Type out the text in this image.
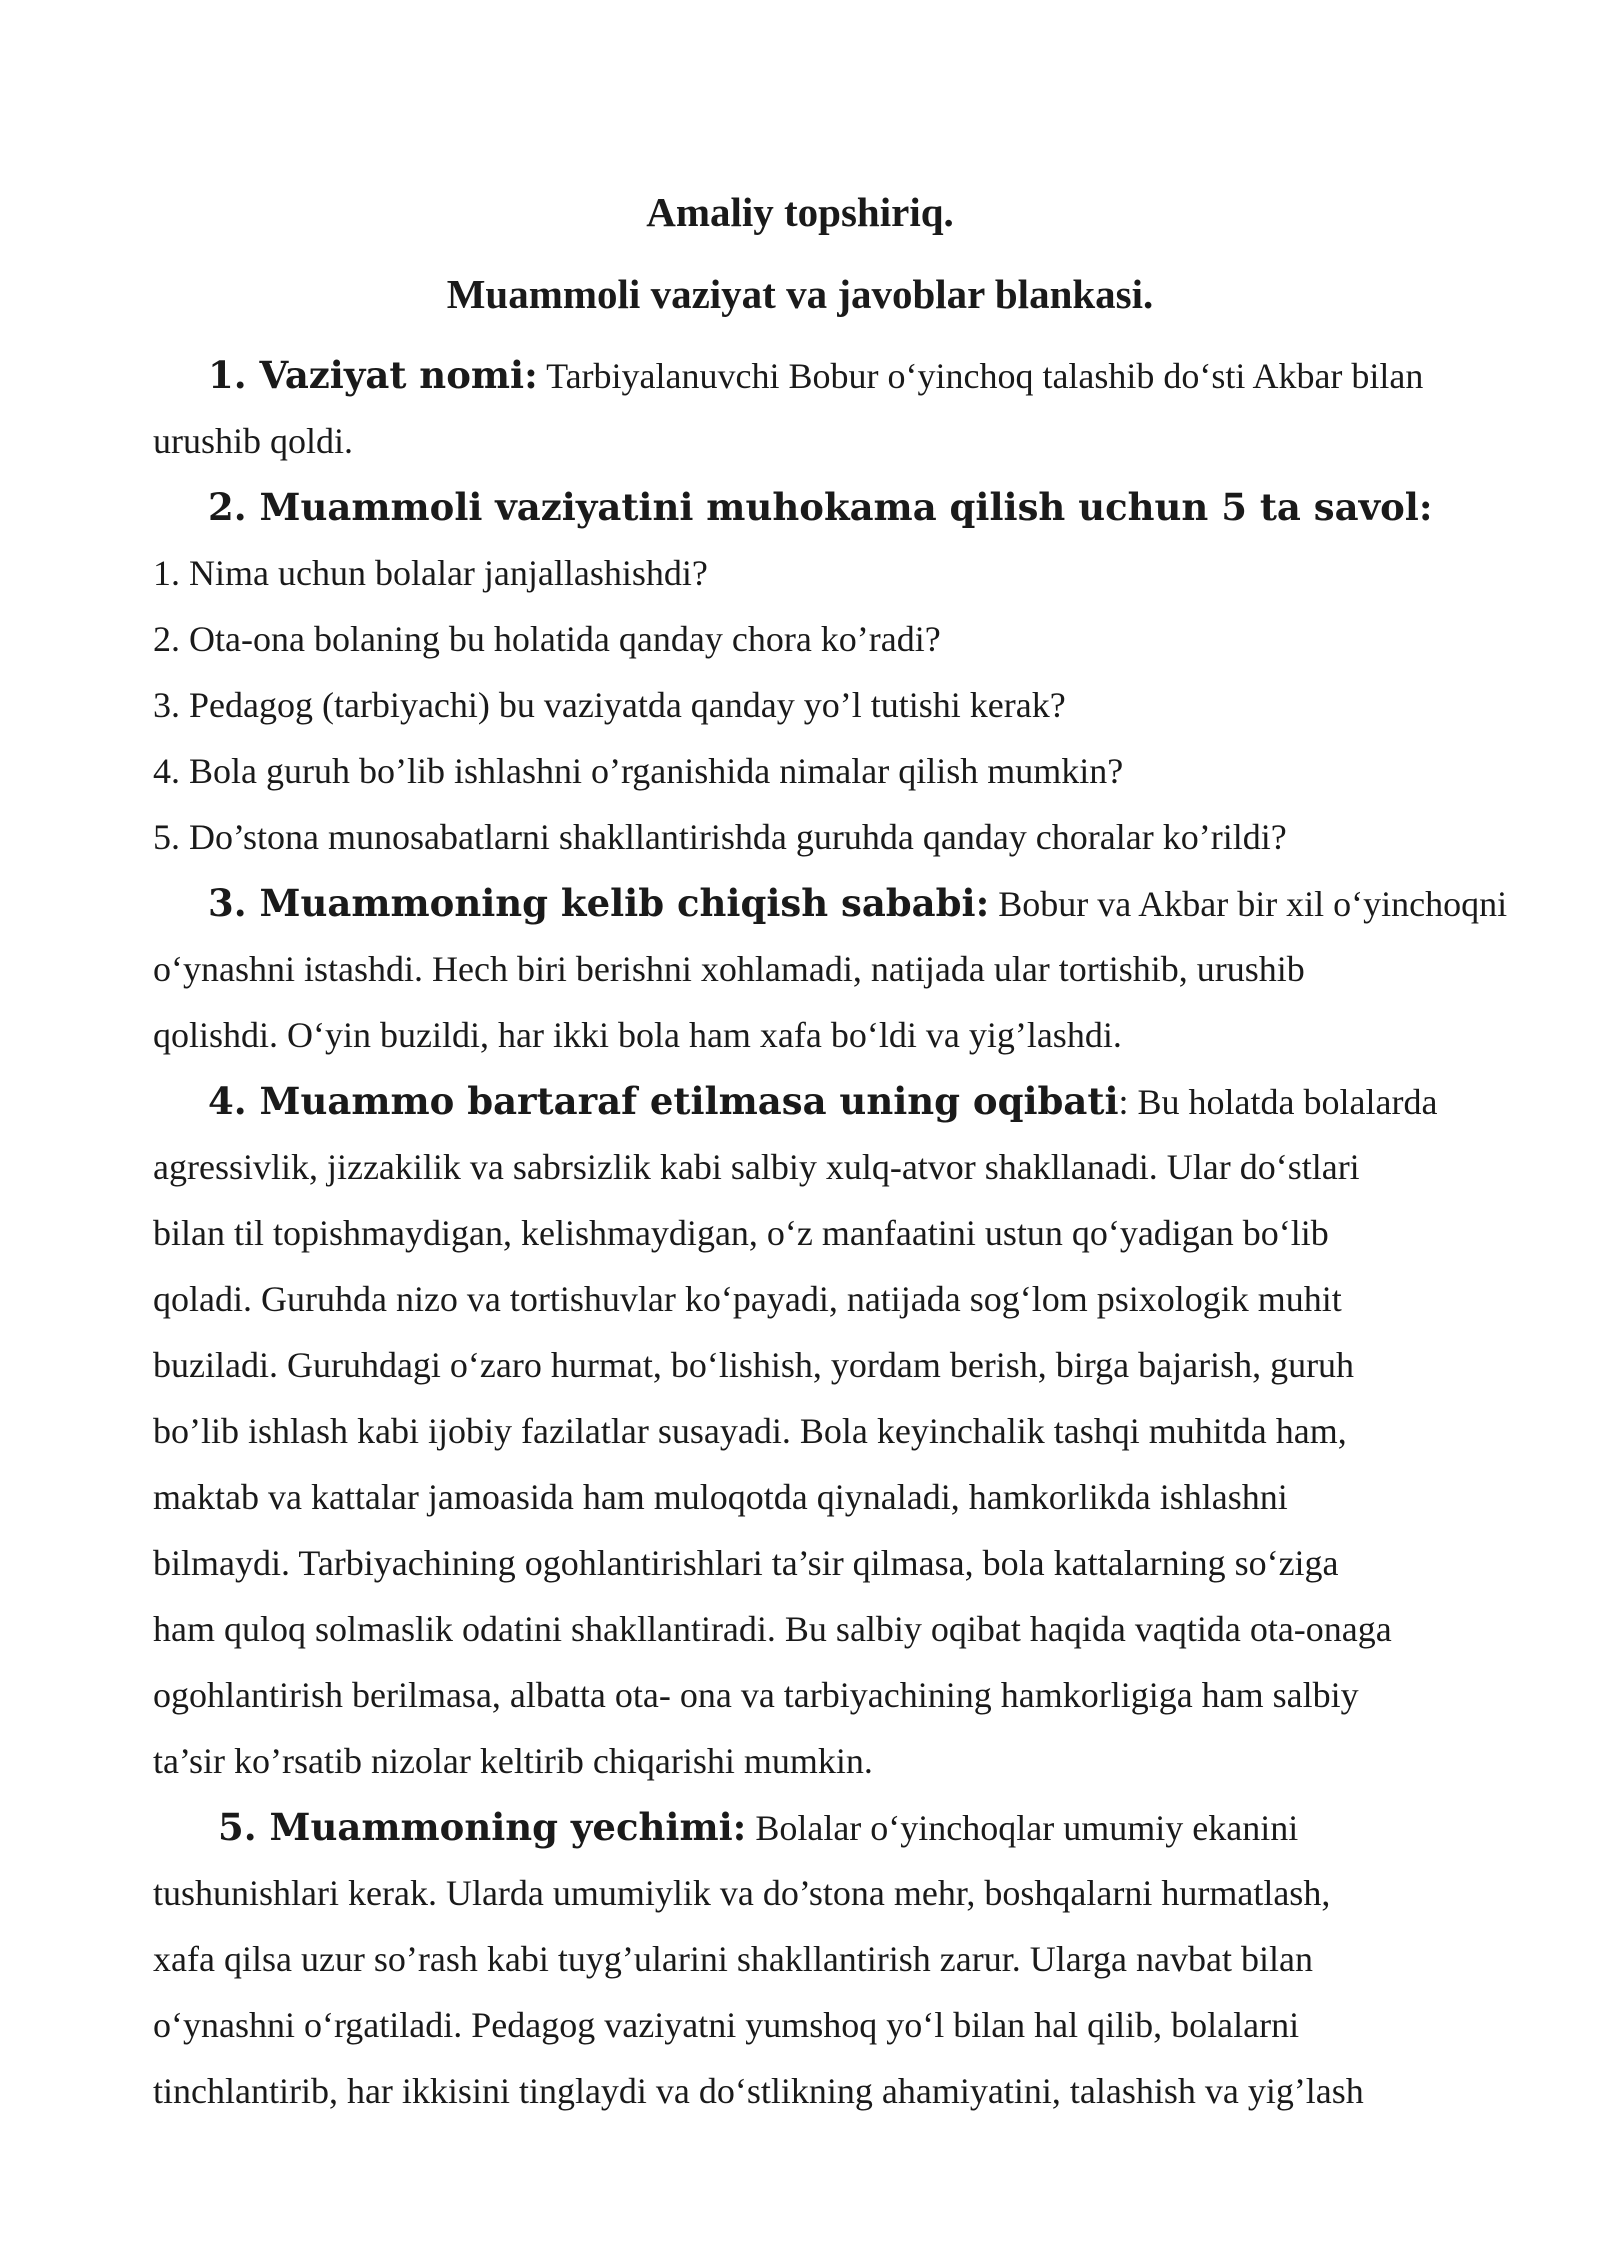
Amaliy topshiriq.
Muammoli vaziyat va javoblar blankasi.
1. Vaziyat nomi: Tarbiyalanuvchi Bobur o‘yinchoq talashib do‘sti Akbar bilan
urushib qoldi.
2. Muammoli vaziyatini muhokama qilish uchun 5 ta savol:
1. Nima uchun bolalar janjallashishdi?
2. Ota-ona bolaning bu holatida qanday chora ko’radi?
3. Pedagog (tarbiyachi) bu vaziyatda qanday yo’l tutishi kerak?
4. Bola guruh bo’lib ishlashni o’rganishida nimalar qilish mumkin?
5. Do’stona munosabatlarni shakllantirishda guruhda qanday choralar ko’rildi?
3. Muammoning kelib chiqish sababi: Bobur va Akbar bir xil o‘yinchoqni
o‘ynashni istashdi. Hech biri berishni xohlamadi, natijada ular tortishib, urushib
qolishdi. O‘yin buzildi, har ikki bola ham xafa bo‘ldi va yig’lashdi.
4. Muammo bartaraf etilmasa uning oqibati: Bu holatda bolalarda
agressivlik, jizzakilik va sabrsizlik kabi salbiy xulq-atvor shakllanadi. Ular do‘stlari
bilan til topishmaydigan, kelishmaydigan, o‘z manfaatini ustun qo‘yadigan bo‘lib
qoladi. Guruhda nizo va tortishuvlar ko‘payadi, natijada sog‘lom psixologik muhit
buziladi. Guruhdagi o‘zaro hurmat, bo‘lishish, yordam berish, birga bajarish, guruh
bo’lib ishlash kabi ijobiy fazilatlar susayadi. Bola keyinchalik tashqi muhitda ham,
maktab va kattalar jamoasida ham muloqotda qiynaladi, hamkorlikda ishlashni
bilmaydi. Tarbiyachining ogohlantirishlari ta’sir qilmasa, bola kattalarning so‘ziga
ham quloq solmaslik odatini shakllantiradi. Bu salbiy oqibat haqida vaqtida ota-onaga
ogohlantirish berilmasa, albatta ota- ona va tarbiyachining hamkorligiga ham salbiy
ta’sir ko’rsatib nizolar keltirib chiqarishi mumkin.
5. Muammoning yechimi: Bolalar o‘yinchoqlar umumiy ekanini
tushunishlari kerak. Ularda umumiylik va do’stona mehr, boshqalarni hurmatlash,
xafa qilsa uzur so’rash kabi tuyg’ularini shakllantirish zarur. Ularga navbat bilan
o‘ynashni o‘rgatiladi. Pedagog vaziyatni yumshoq yo‘l bilan hal qilib, bolalarni
tinchlantirib, har ikkisini tinglaydi va do‘stlikning ahamiyatini, talashish va yig’lash
